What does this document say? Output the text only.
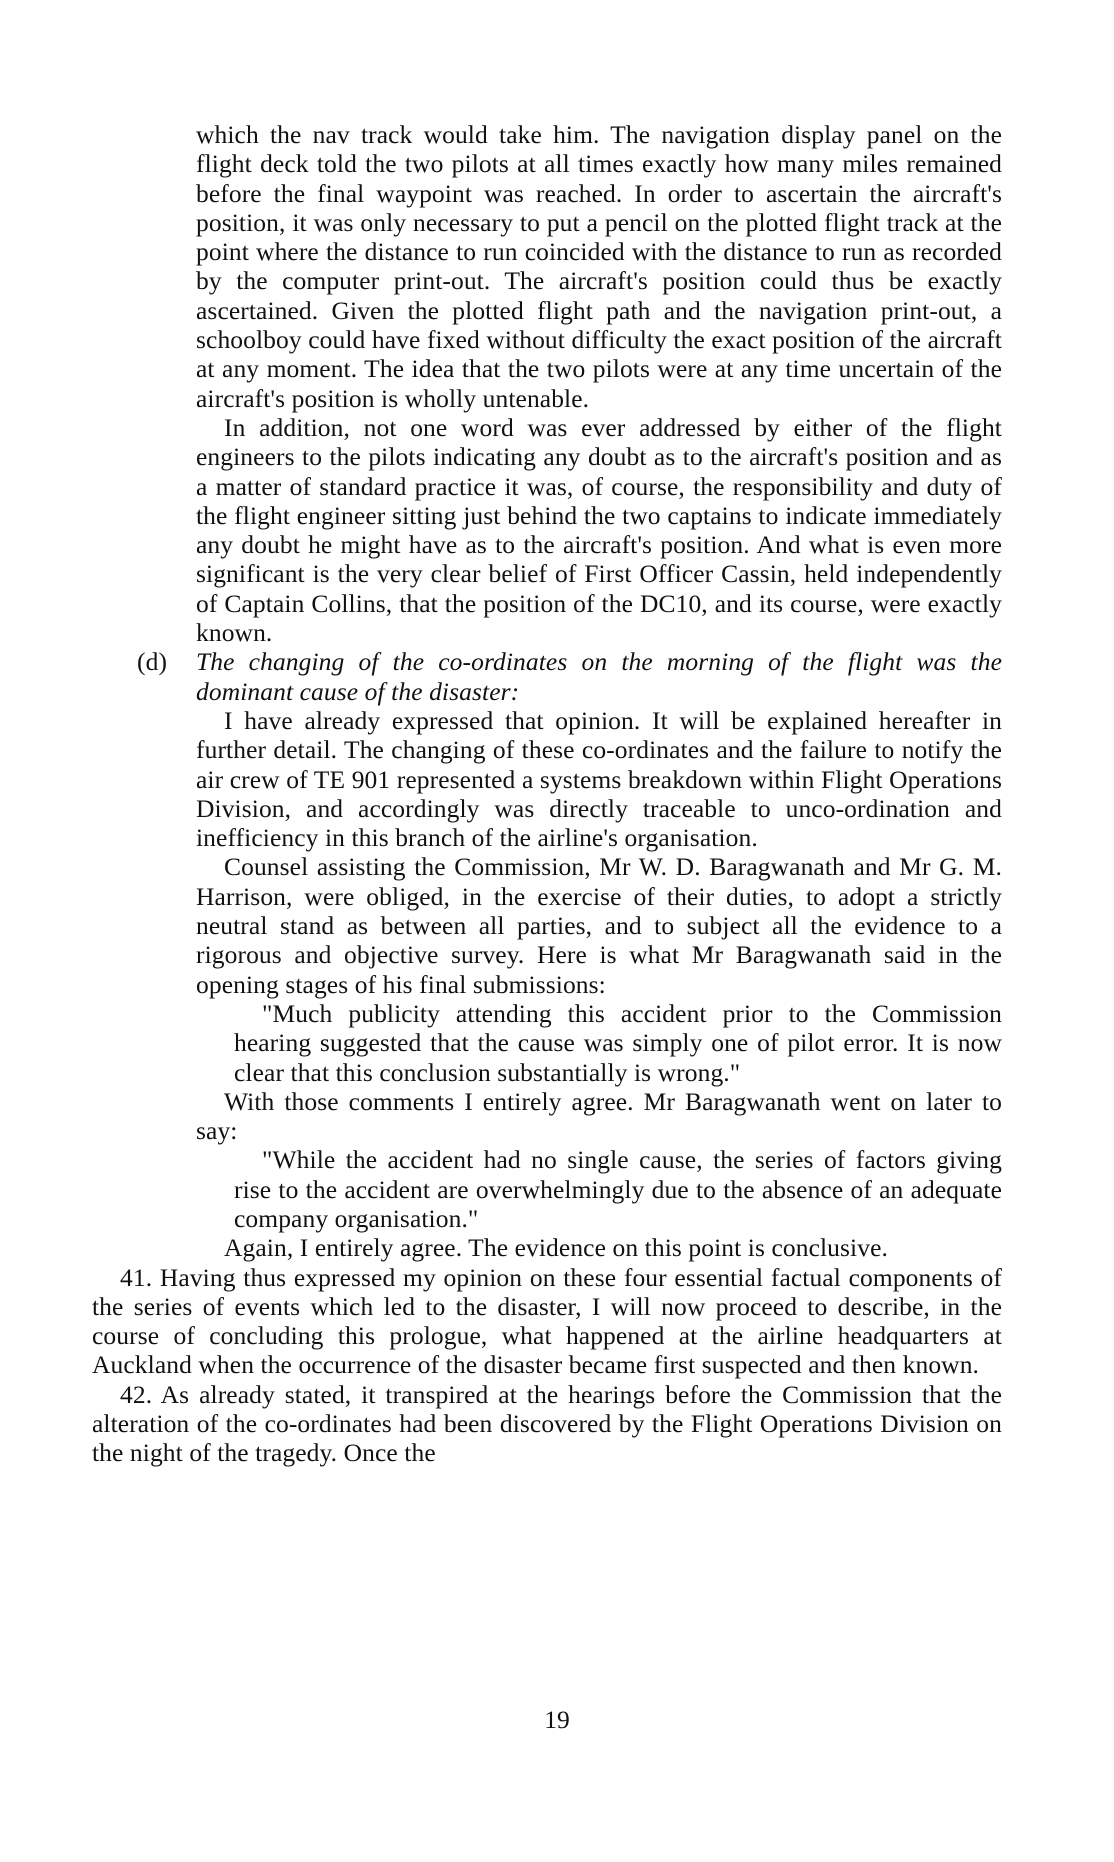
which the nav track would take him. The navigation display panel on the flight deck told the two pilots at all times exactly how many miles remained before the final waypoint was reached. In order to ascertain the aircraft's position, it was only necessary to put a pencil on the plotted flight track at the point where the distance to run coincided with the distance to run as recorded by the computer print-out. The aircraft's position could thus be exactly ascertained. Given the plotted flight path and the navigation print-out, a schoolboy could have fixed without difficulty the exact position of the aircraft at any moment. The idea that the two pilots were at any time uncertain of the aircraft's position is wholly untenable.

In addition, not one word was ever addressed by either of the flight engineers to the pilots indicating any doubt as to the aircraft's position and as a matter of standard practice it was, of course, the responsibility and duty of the flight engineer sitting just behind the two captains to indicate immediately any doubt he might have as to the aircraft's position. And what is even more significant is the very clear belief of First Officer Cassin, held independently of Captain Collins, that the position of the DC10, and its course, were exactly known.

(d)	The changing of the co-ordinates on the morning of the flight was the dominant cause of the disaster:

I have already expressed that opinion. It will be explained hereafter in further detail. The changing of these co-ordinates and the failure to notify the air crew of TE 901 represented a systems breakdown within Flight Operations Division, and accordingly was directly traceable to unco-ordination and inefficiency in this branch of the airline's organisation.

Counsel assisting the Commission, Mr W. D. Baragwanath and Mr G. M. Harrison, were obliged, in the exercise of their duties, to adopt a strictly neutral stand as between all parties, and to subject all the evidence to a rigorous and objective survey. Here is what Mr Baragwanath said in the opening stages of his final submissions:

"Much publicity attending this accident prior to the Commission hearing suggested that the cause was simply one of pilot error. It is now clear that this conclusion substantially is wrong."

With those comments I entirely agree. Mr Baragwanath went on later to say:

"While the accident had no single cause, the series of factors giving rise to the accident are overwhelmingly due to the absence of an adequate company organisation."

Again, I entirely agree. The evidence on this point is conclusive.

41. Having thus expressed my opinion on these four essential factual components of the series of events which led to the disaster, I will now proceed to describe, in the course of concluding this prologue, what happened at the airline headquarters at Auckland when the occurrence of the disaster became first suspected and then known.

42. As already stated, it transpired at the hearings before the Commission that the alteration of the co-ordinates had been discovered by the Flight Operations Division on the night of the tragedy. Once the

19
